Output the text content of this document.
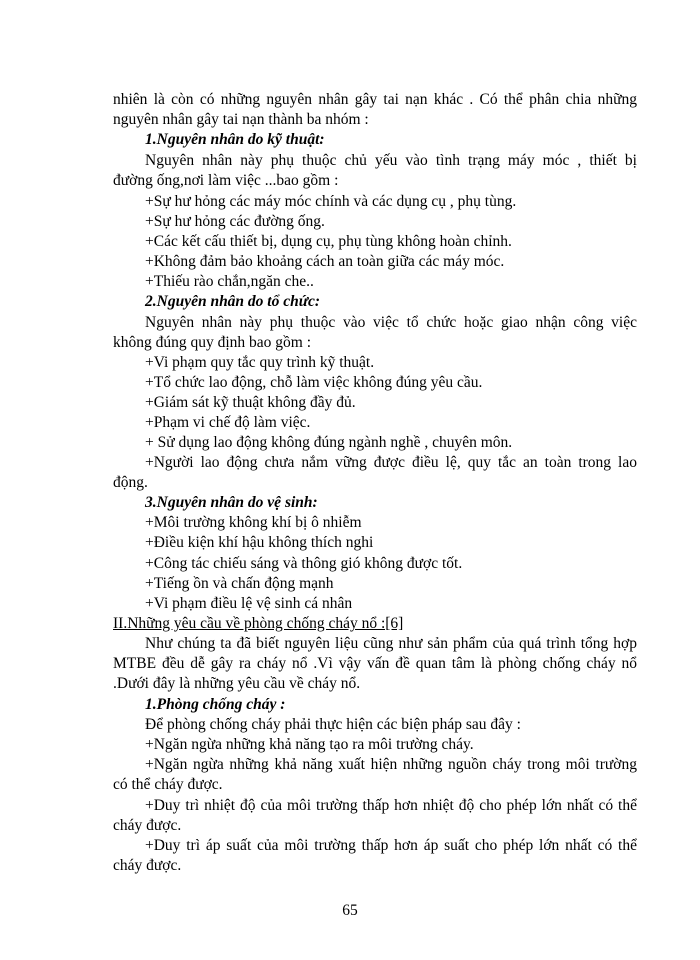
nhiên là còn có những nguyên nhân gây tai nạn khác . Có thể phân chia những
nguyên nhân gây tai nạn thành ba nhóm :
1.Nguyên nhân do kỹ thuật:
Nguyên nhân này phụ thuộc chủ yếu vào tình trạng máy móc , thiết bị
đường ống,nơi làm việc ...bao gồm :
+Sự hư hỏng các máy móc chính và các dụng cụ , phụ tùng.
+Sự hư hỏng các đường ống.
+Các kết cấu thiết bị, dụng cụ, phụ tùng không hoàn chỉnh.
+Không đảm bảo khoảng cách an toàn giữa các máy móc.
+Thiếu rào chắn,ngăn che..
2.Nguyên nhân do tổ chức:
Nguyên nhân này phụ thuộc vào việc tổ chức hoặc giao nhận công việc
không đúng quy định bao gồm :
+Vi phạm quy tắc quy trình kỹ thuật.
+Tổ chức lao động, chỗ làm việc không đúng yêu cầu.
+Giám sát kỹ thuật không đầy đủ.
+Phạm vi chế độ làm việc.
+ Sử dụng lao động không đúng ngành nghề , chuyên môn.
+Người lao động chưa nắm vững được điều lệ, quy tắc an toàn trong lao
động.
3.Nguyên nhân do vệ sinh:
+Môi trường không khí bị ô nhiễm
+Điều kiện khí hậu không thích nghi
+Công tác chiếu sáng và thông gió không được tốt.
+Tiếng ồn và chấn động mạnh
+Vi phạm điều lệ vệ sinh cá nhân
II.Những yêu cầu về phòng chống cháy nổ :[6]
Như chúng ta đã biết nguyên liệu cũng như sản phẩm của quá trình tổng hợp
MTBE đều dễ gây ra cháy nổ .Vì vậy vấn đề quan tâm là phòng chống cháy nổ
.Dưới đây là những yêu cầu về cháy nổ.
1.Phòng chống cháy :
Để phòng chống cháy phải thực hiện các biện pháp sau đây :
+Ngăn ngừa những khả năng tạo ra môi trường cháy.
+Ngăn ngừa những khả năng xuất hiện những nguồn cháy trong môi trường
có thể cháy được.
+Duy trì nhiệt độ của môi trường thấp hơn nhiệt độ cho phép lớn nhất có thể
cháy được.
+Duy trì áp suất của môi trường thấp hơn áp suất cho phép lớn nhất có thể
cháy được.
65
